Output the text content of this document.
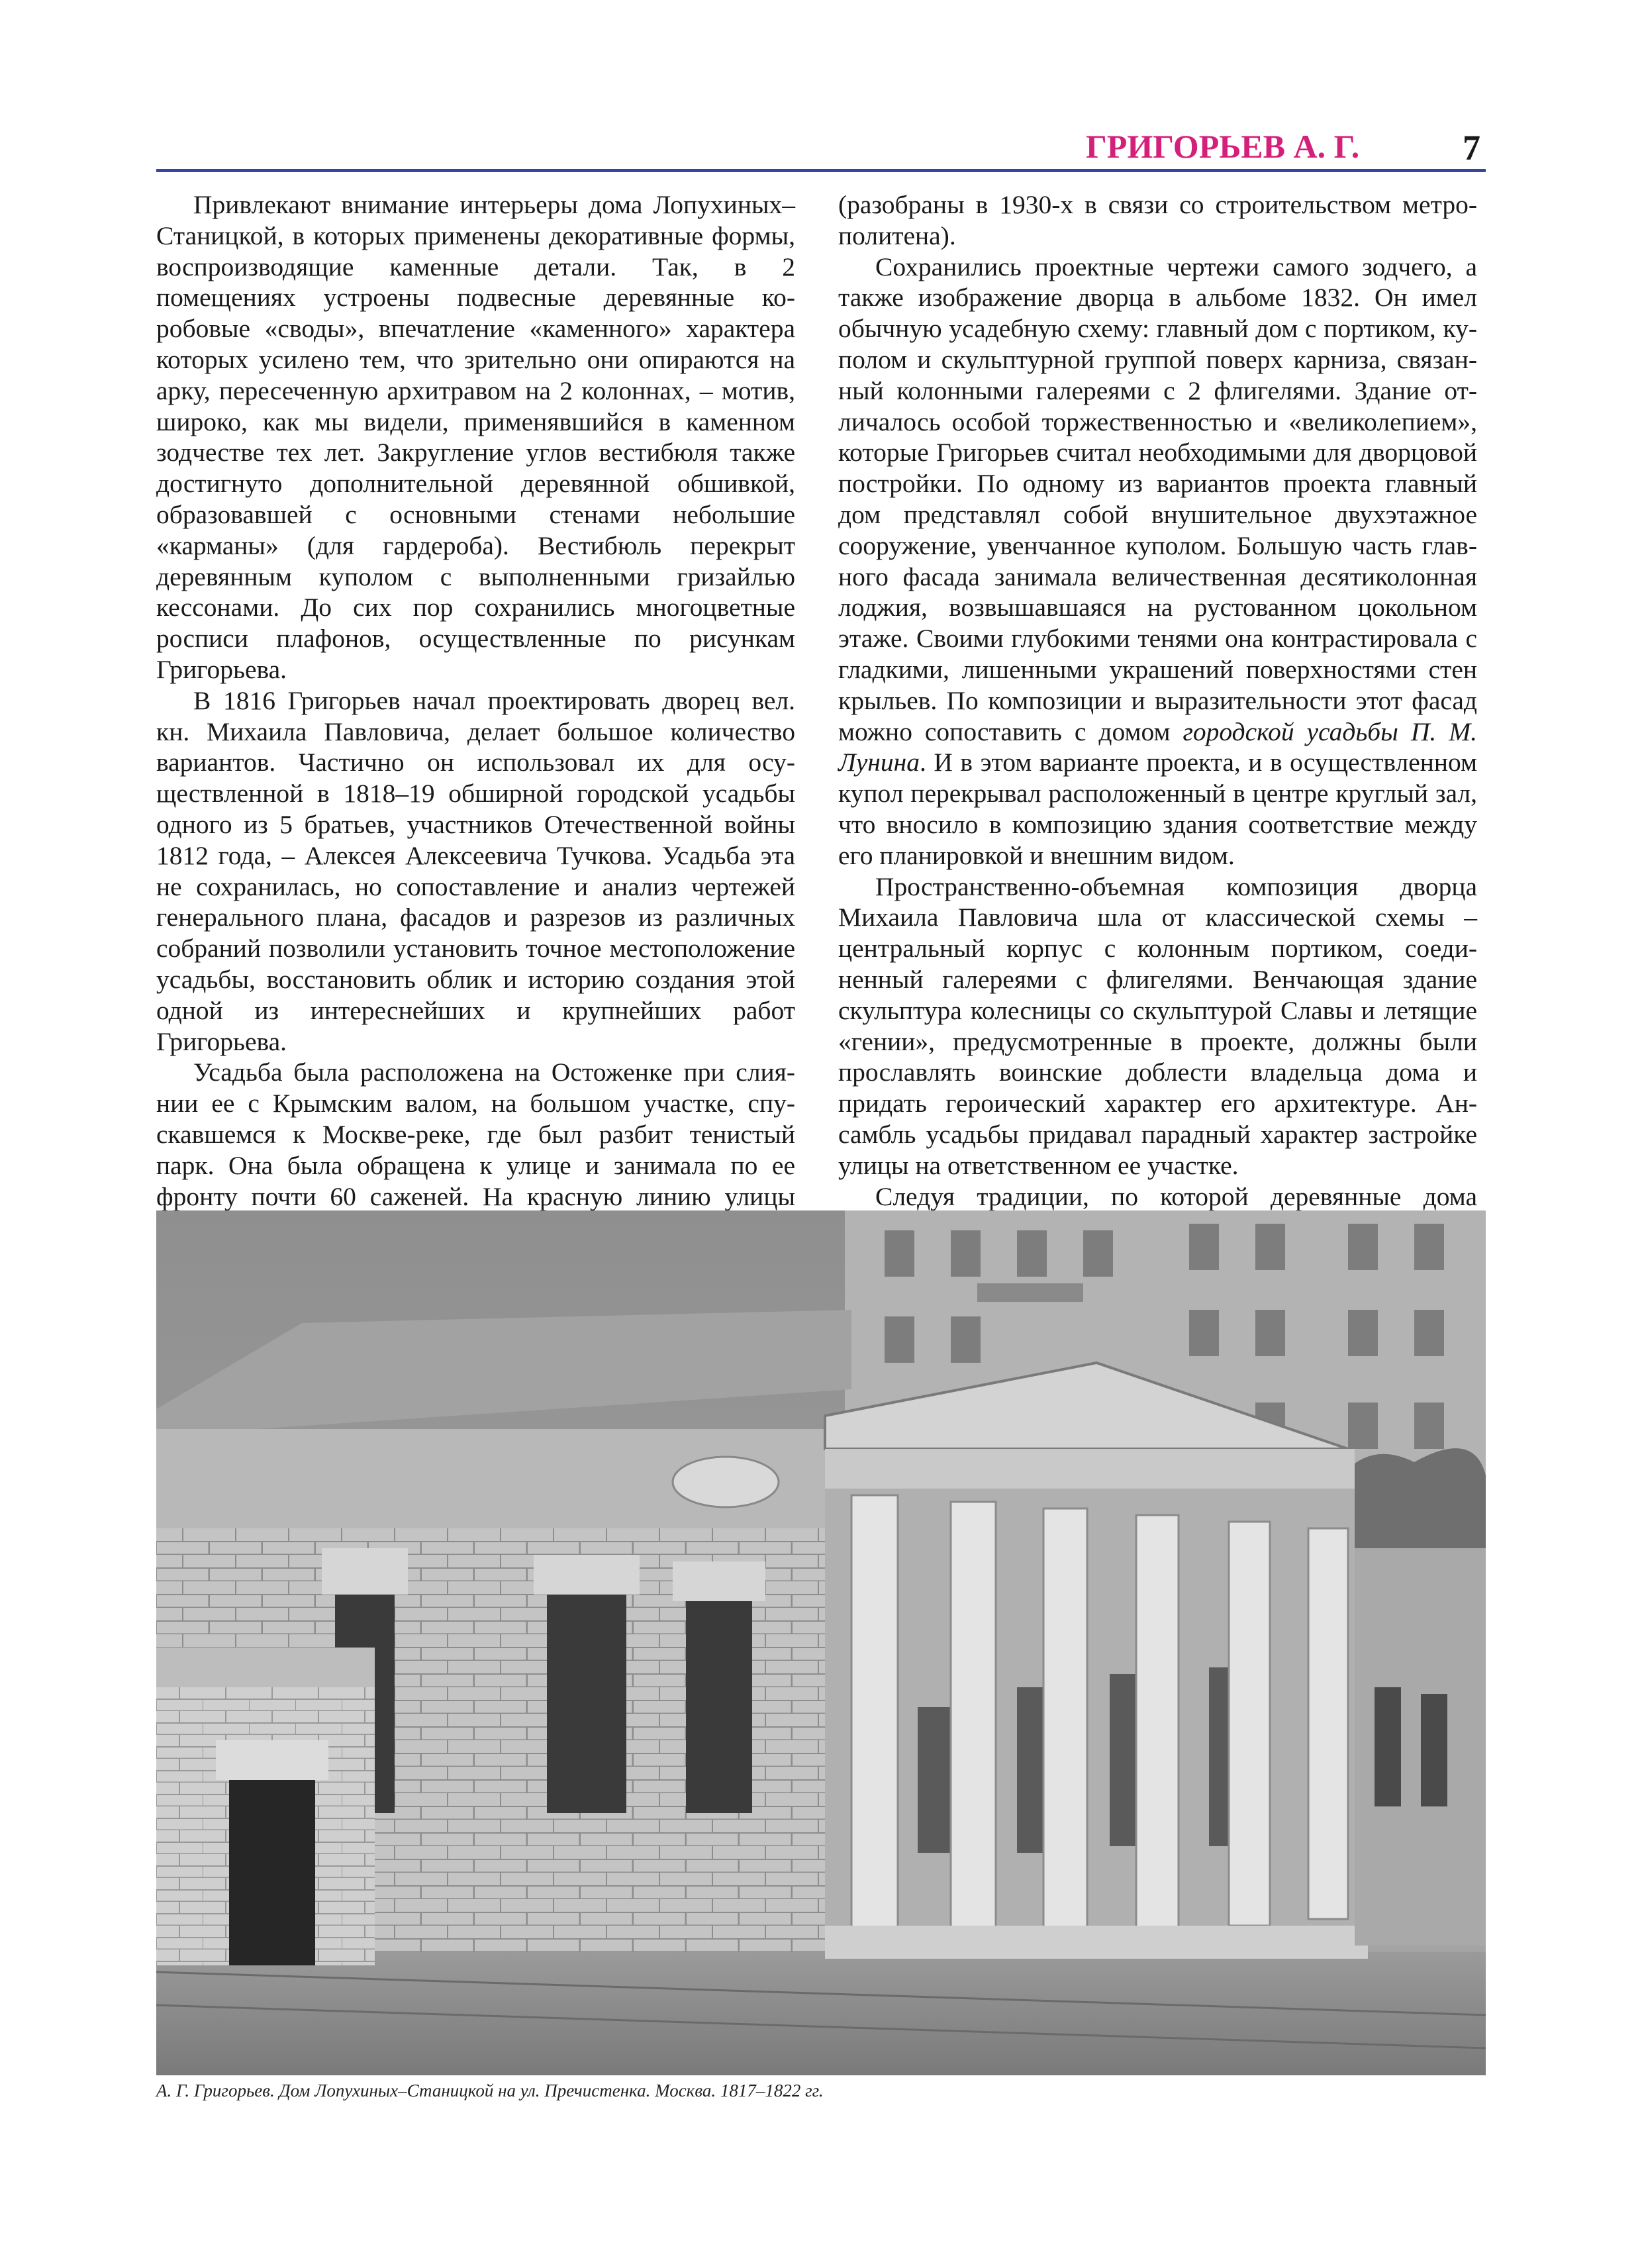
ГРИГОРЬЕВ А. Г.	7

Привлекают внимание интерьеры дома Лопухиных–Станицкой, в которых применены декоративные формы, воспроизводящие каменные детали. Так, в 2 помещениях устроены подвесные деревянные коробовые «своды», впечатление «каменного» характера которых усилено тем, что зрительно они опираются на арку, пересеченную архитравом на 2 колоннах, – мотив, широко, как мы видели, применявшийся в каменном зодчестве тех лет. Закругление углов вестибюля также достигнуто дополнительной деревянной обшивкой, образовавшей с основными стенами небольшие «карманы» (для гардероба). Вестибюль перекрыт деревянным куполом с выполненными гризайлью кессонами. До сих пор сохранились многоцветные росписи плафонов, осуществленные по рисункам Григорьева.

В 1816 Григорьев начал проектировать дворец вел. кн. Михаила Павловича, делает большое количество вариантов. Частично он использовал их для осуществленной в 1818–19 обширной городской усадьбы одного из 5 братьев, участников Отечественной войны 1812 года, – Алексея Алексеевича Тучкова. Усадьба эта не сохранилась, но сопоставление и анализ чертежей генерального плана, фасадов и разрезов из различных собраний позволили установить точное местоположение усадьбы, восстановить облик и историю создания этой одной из интереснейших и крупнейших работ Григорьева.

Усадьба была расположена на Остоженке при слиянии ее с Крымским валом, на большом участке, спускавшемся к Москве-реке, где был разбит тенистый парк. Она была обращена к улице и занимала по ее фронту почти 60 саженей. На красную линию улицы

(разобраны в 1930-х в связи со строительством метрополитена).

Сохранились проектные чертежи самого зодчего, а также изображение дворца в альбоме 1832. Он имел обычную усадебную схему: главный дом с портиком, куполом и скульптурной группой поверх карниза, связанный колонными галереями с 2 флигелями. Здание отличалось особой торжественностью и «великолепием», которые Григорьев считал необходимыми для дворцовой постройки. По одному из вариантов проекта главный дом представлял собой внушительное двухэтажное сооружение, увенчанное куполом. Большую часть главного фасада занимала величественная десятиколонная лоджия, возвышавшаяся на рустованном цокольном этаже. Своими глубокими тенями она контрастировала с гладкими, лишенными украшений поверхностями стен крыльев. По композиции и выразительности этот фасад можно сопоставить с домом городской усадьбы П. М. Лунина. И в этом варианте проекта, и в осуществленном купол перекрывал расположенный в центре круглый зал, что вносило в композицию здания соответствие между его планировкой и внешним видом.

Пространственно-объемная композиция дворца Михаила Павловича шла от классической схемы – центральный корпус с колонным портиком, соединенный галереями с флигелями. Венчающая здание скульптура колесницы со скульптурой Славы и летящие «гении», предусмотренные в проекте, должны были прославлять воинские доблести владельца дома и придать героический характер его архитектуре. Ансамбль усадьбы придавал парадный характер застройке улицы на ответственном ее участке.

Следуя традиции, по которой деревянные дома

А. Г. Григорьев. Дом Лопухиных–Станицкой на ул. Пречистенка. Москва. 1817–1822 гг.
